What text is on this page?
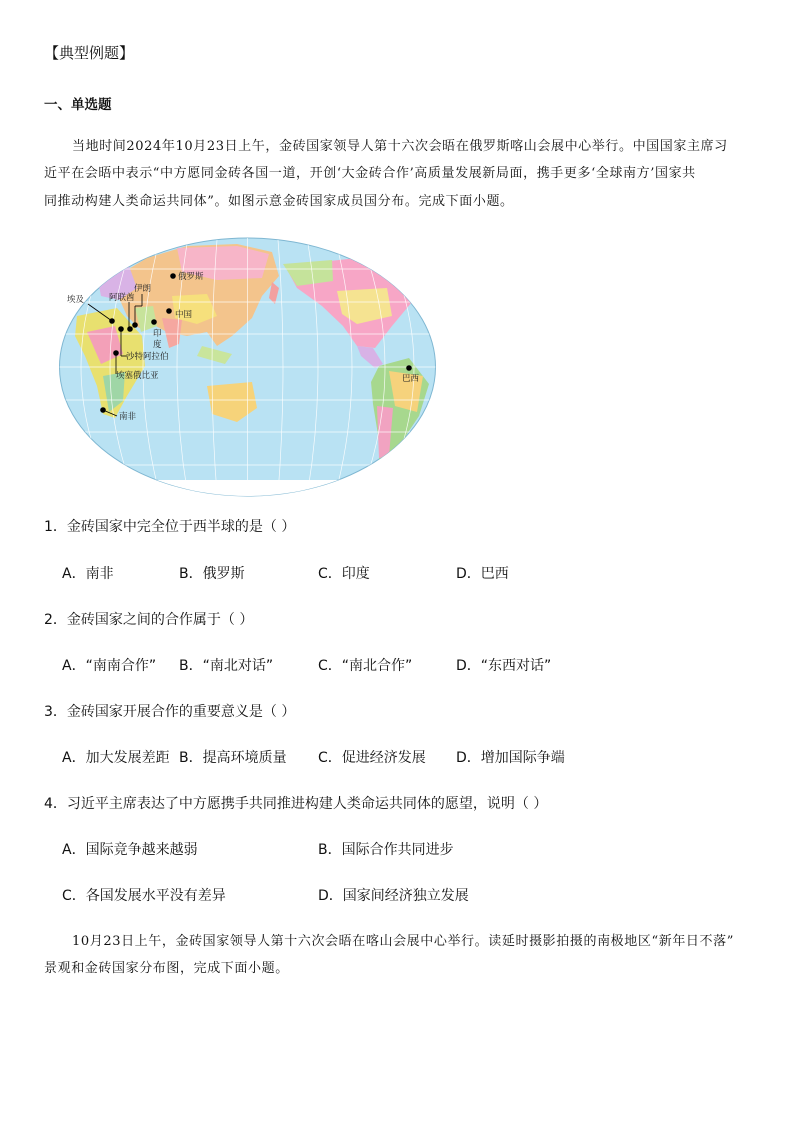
【典型例题】
一、单选题
当地时间2024年10月23日上午，金砖国家领导人第十六次会晤在俄罗斯喀山会展中心举行。中国国家主席习
近平在会晤中表示“中方愿同金砖各国一道，开创‘大金砖合作’高质量发展新局面，携手更多‘全球南方’国家共
同推动构建人类命运共同体”。如图示意金砖国家成员国分布。完成下面小题。
俄罗斯
埃及	阿联酋
伊朗
中国
印
度
沙特阿拉伯
埃塞俄比亚
南非
巴西
1．金砖国家中完全位于西半球的是（ ）
A．南非	B．俄罗斯	C．印度	D．巴西
2．金砖国家之间的合作属于（ ）
A．“南南合作” B．“南北对话”	C．“南北合作”	D．“东西对话”
3．金砖国家开展合作的重要意义是（ ）
A．加大发展差距 B．提高环境质量 C．促进经济发展 D．增加国际争端
4．习近平主席表达了中方愿携手共同推进构建人类命运共同体的愿望，说明（ ）
A．国际竞争越来越弱	B．国际合作共同进步
C．各国发展水平没有差异	D．国家间经济独立发展
10月23日上午，金砖国家领导人第十六次会晤在喀山会展中心举行。读延时摄影拍摄的南极地区“新年日不落”
景观和金砖国家分布图，完成下面小题。
